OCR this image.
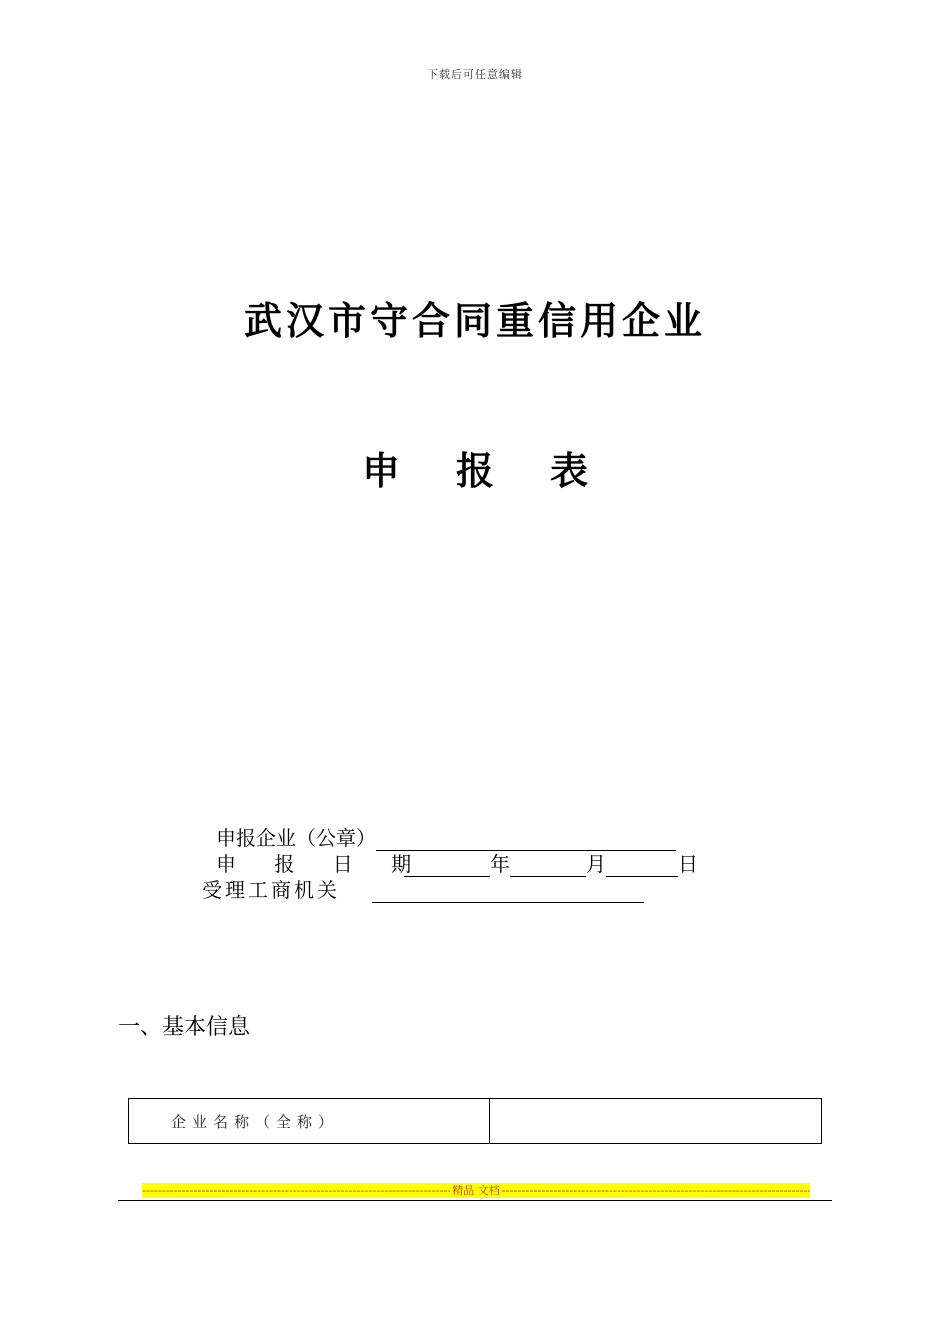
下载后可任意编辑
武汉市守合同重信用企业
申 报 表
申报企业（公章）
申 报 日 期	年	月	日
受理工商机关
一、基本信息
企业名称（全称）	
-----
精品 文档
-----
